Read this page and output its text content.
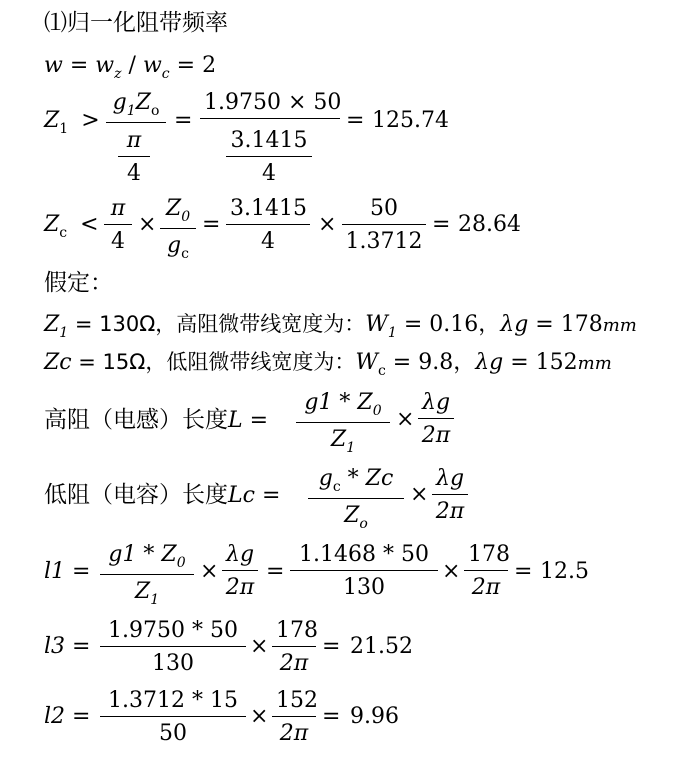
⑴归一化阻带频率
$w = w_z / w_c = 2$
$Z_1$ >
$g_1Z_o$
$\frac{\pi}{4}$
=
1.9750 × 50
$\frac{3.1415}{4}$
= 125.74
$Z_c < \frac{\pi}{4} \times \frac{Z_0}{g_c} = \frac{3.1415}{4} \times \frac{50}{1.3712} = 28.64$
假定：
$Z_1 = 130\Omega$，高阻微带线宽度为：$W_1 = 0.16$，λg = 178mm
Zc = 15Ω，低阻微带线宽度为：$W_c = 9.8$，λg = 152mm
高阻（电感）长度$L = \frac{g1 * Z_0}{Z_1} \times \frac{\lambda g}{2\pi}$
低阻（电容）长度$Lc = \frac{g_c * Zc}{Z_o} \times \frac{\lambda g}{2\pi}$
$l1 = \frac{g1 * Z_0}{Z_1} \times \frac{\lambda g}{2\pi} = \frac{1.1468 * 50}{130} \times \frac{178}{2\pi} = 12.5$
$l3 = \frac{1.9750 * 50}{130} \times \frac{178}{2\pi} = 21.52$
$l2 = \frac{1.3712 * 15}{50} \times \frac{152}{2\pi} = 9.96$
